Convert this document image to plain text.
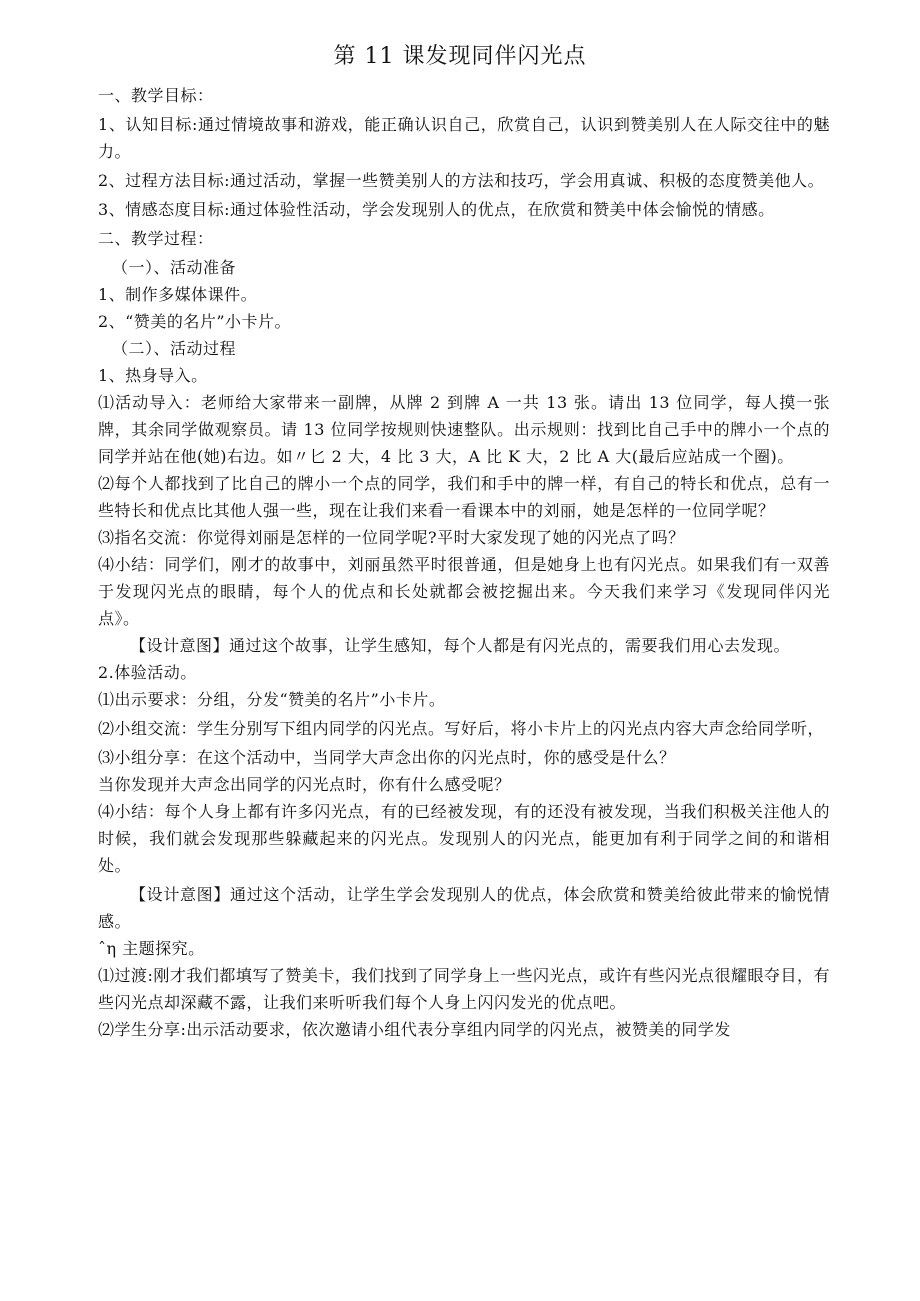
第 11 课发现同伴闪光点

一、教学目标：

1、认知目标:通过情境故事和游戏，能正确认识自己，欣赏自己，认识到赞美别人在人际交往中的魅力。

2、过程方法目标:通过活动，掌握一些赞美别人的方法和技巧，学会用真诚、积极的态度赞美他人。

3、情感态度目标:通过体验性活动，学会发现别人的优点，在欣赏和赞美中体会愉悦的情感。

二、教学过程：

（一）、活动准备

1、制作多媒体课件。

2、“赞美的名片”小卡片。

（二）、活动过程

1、热身导入。

⑴活动导入：老师给大家带来一副牌，从牌 2 到牌 A 一共 13 张。请出 13 位同学，每人摸一张牌，其余同学做观察员。请 13 位同学按规则快速整队。出示规则：找到比自己手中的牌小一个点的同学并站在他(她)右边。如〃匕 2 大，4 比 3 大，A 比 K 大，2 比 A 大(最后应站成一个圈)。

⑵每个人都找到了比自己的牌小一个点的同学，我们和手中的牌一样，有自己的特长和优点，总有一些特长和优点比其他人强一些，现在让我们来看一看课本中的刘丽，她是怎样的一位同学呢？

⑶指名交流：你觉得刘丽是怎样的一位同学呢?平时大家发现了她的闪光点了吗？

⑷小结：同学们，刚才的故事中，刘丽虽然平时很普通，但是她身上也有闪光点。如果我们有一双善于发现闪光点的眼睛，每个人的优点和长处就都会被挖掘出来。今天我们来学习《发现同伴闪光点》。

【设计意图】通过这个故事，让学生感知，每个人都是有闪光点的，需要我们用心去发现。

2.体验活动。

⑴出示要求：分组，分发“赞美的名片”小卡片。

⑵小组交流：学生分别写下组内同学的闪光点。写好后，将小卡片上的闪光点内容大声念给同学听，

⑶小组分享：在这个活动中，当同学大声念出你的闪光点时，你的感受是什么？

当你发现并大声念出同学的闪光点时，你有什么感受呢？

⑷小结：每个人身上都有许多闪光点，有的已经被发现，有的还没有被发现，当我们积极关注他人的时候，我们就会发现那些躲藏起来的闪光点。发现别人的闪光点，能更加有利于同学之间的和谐相处。

【设计意图】通过这个活动，让学生学会发现别人的优点，体会欣赏和赞美给彼此带来的愉悦情感。

ˆη 主题探究。

⑴过渡:刚才我们都填写了赞美卡，我们找到了同学身上一些闪光点，或许有些闪光点很耀眼夺目，有些闪光点却深藏不露，让我们来听听我们每个人身上闪闪发光的优点吧。

⑵学生分享:出示活动要求，依次邀请小组代表分享组内同学的闪光点，被赞美的同学发
